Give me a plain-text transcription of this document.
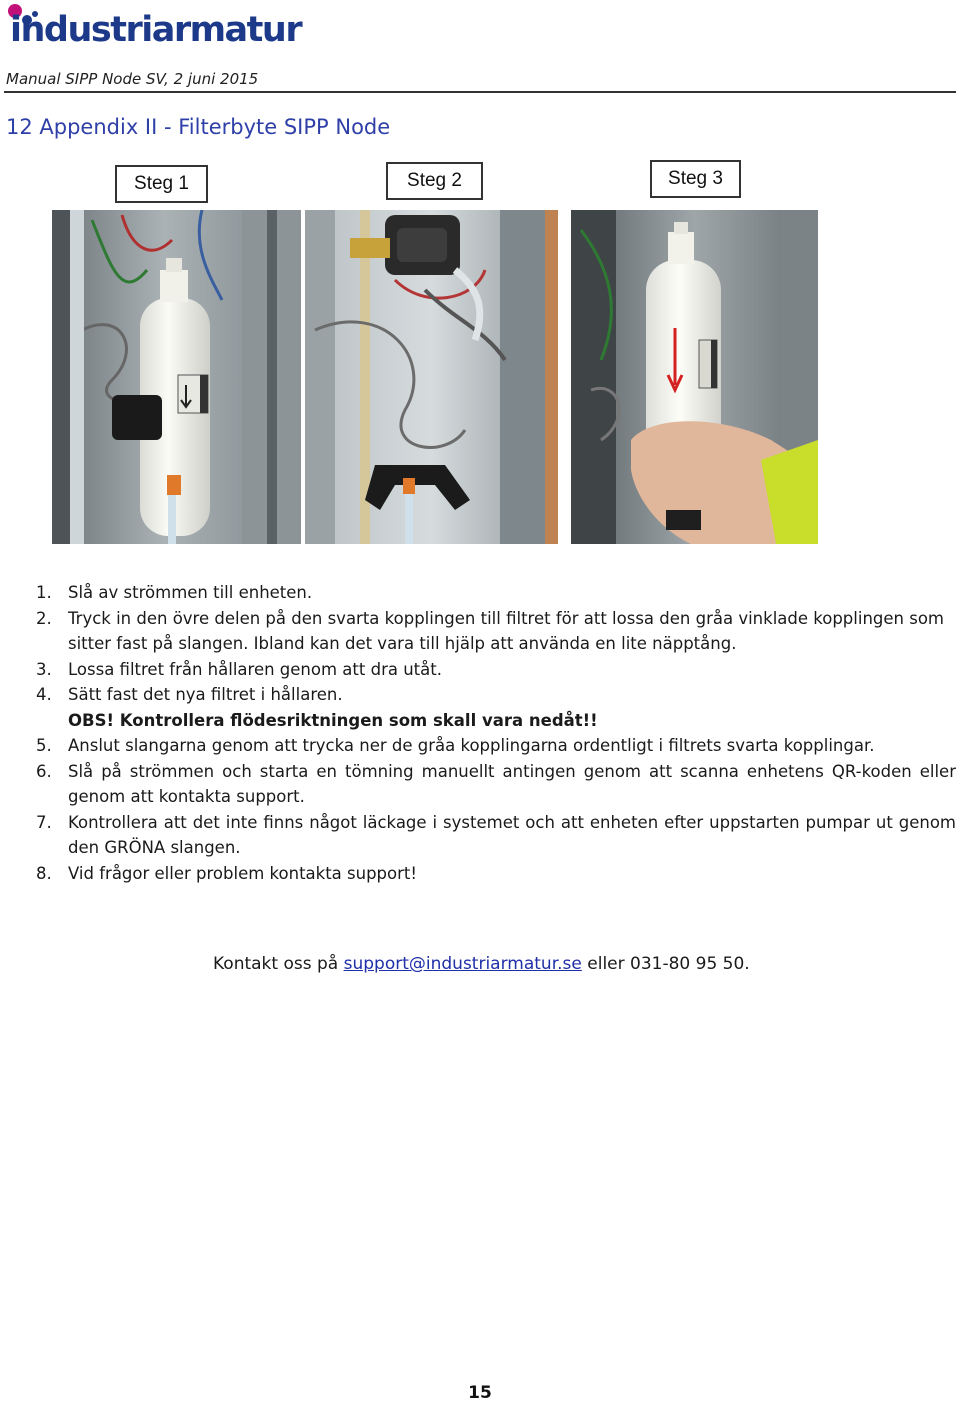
industriarmatur
Manual SIPP Node SV, 2 juni 2015
12 Appendix II - Filterbyte SIPP Node
Steg 1	Steg 2	Steg 3
1. Slå av strömmen till enheten.
2. Tryck in den övre delen på den svarta kopplingen till filtret för att lossa den gråa vinklade kopplingen som sitter fast på slangen. Ibland kan det vara till hjälp att använda en lite näpptång.
3. Lossa filtret från hållaren genom att dra utåt.
4. Sätt fast det nya filtret i hållaren.
OBS! Kontrollera flödesriktningen som skall vara nedåt!!
5. Anslut slangarna genom att trycka ner de gråa kopplingarna ordentligt i filtrets svarta kopplingar.
6. Slå på strömmen och starta en tömning manuellt antingen genom att scanna enhetens QR-koden eller genom att kontakta support.
7. Kontrollera att det inte finns något läckage i systemet och att enheten efter uppstarten pumpar ut genom den GRÖNA slangen.
8. Vid frågor eller problem kontakta support!
Kontakt oss på support@industriarmatur.se eller 031-80 95 50.
15
